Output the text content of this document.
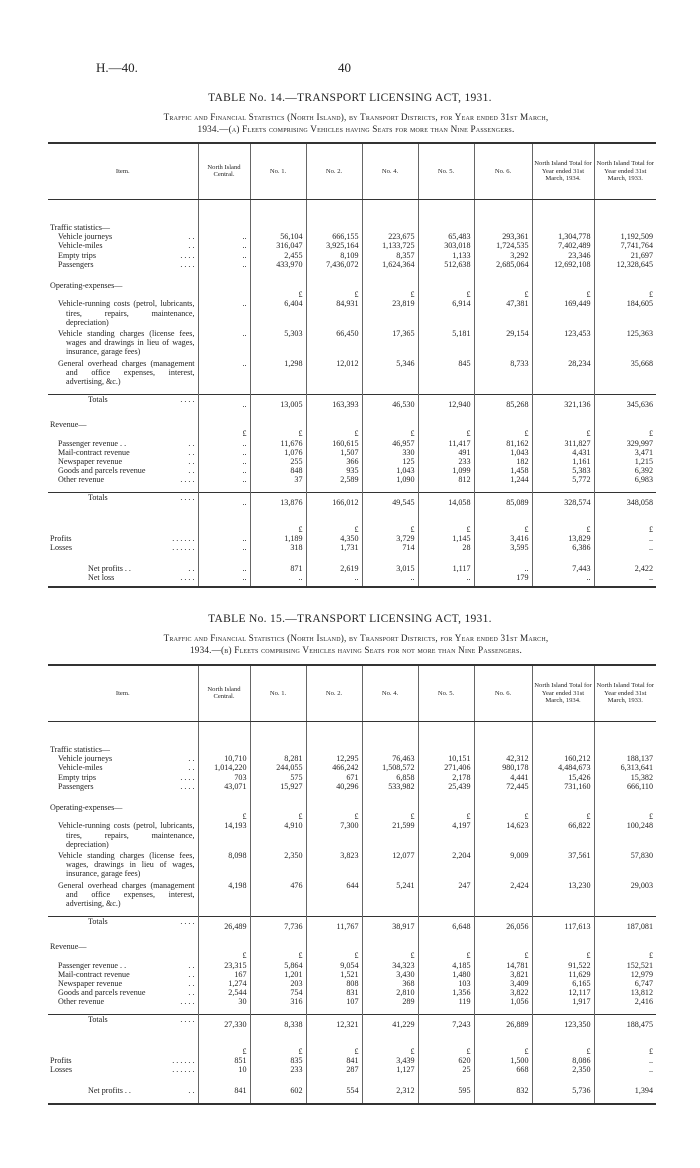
H.—40.	40
TABLE No. 14.—TRANSPORT LICENSING ACT, 1931.
Traffic and Financial Statistics (North Island), by Transport Districts, for Year ended 31st March,
1934.—(a) Fleets comprising Vehicles having Seats for more than Nine Passengers.
Item.	North Island Central.	No. 1.	No. 2.	No. 4.	No. 5.	No. 6.	North Island Total for Year ended 31st March, 1934.	North Island Total for Year ended 31st March, 1933.

Traffic statistics—								

Vehicle journeys . .	..	56,104	666,155	223,675	65,483	293,361	1,304,778	1,192,509

Vehicle-miles . .	..	316,047	3,925,164	1,133,725	303,018	1,724,535	7,402,489	7,741,764

Empty trips . . . .	..	2,455	8,109	8,357	1,133	3,292	23,346	21,697

Passengers . . . .	..	433,970	7,436,072	1,624,364	512,638	2,685,064	12,692,108	12,328,645

Operating-expenses—								
		£	£	£	£	£	£	£

Vehicle-running costs (petrol, lubricants, tires, repairs, maintenance, depreciation)	..	6,404	84,931	23,819	6,914	47,381	169,449	184,605

Vehicle standing charges (license fees, wages and drawings in lieu of wages, insurance, garage fees)	..	5,303	66,450	17,365	5,181	29,154	123,453	125,363

General overhead charges (management and office expenses, interest, advertising, &c.)	..	1,298	12,012	5,346	845	8,733	28,234	35,668

Totals . . . .	..	13,005	163,393	46,530	12,940	85,268	321,136	345,636

Revenue—								
	£	£	£	£	£	£	£	£

Passenger revenue . . . .	..	11,676	160,615	46,957	11,417	81,162	311,827	329,997

Mail-contract revenue . .	..	1,076	1,507	330	491	1,043	4,431	3,471

Newspaper revenue . .	..	255	366	125	233	182	1,161	1,215

Goods and parcels revenue . .	..	848	935	1,043	1,099	1,458	5,383	6,392

Other revenue . . . .	..	37	2,589	1,090	812	1,244	5,772	6,983

Totals . . . .	..	13,876	166,012	49,545	14,058	85,089	328,574	348,058

		£	£	£	£	£	£	£
Profits . . . . . .	..	1,189	4,350	3,729	1,145	3,416	13,829	..
Losses . . . . . .	..	318	1,731	714	28	3,595	6,386	..

Net profits . . . .	..	871	2,619	3,015	1,117	..	7,443	2,422

Net loss . . . .	..	..	..	..	..	179	..	..
TABLE No. 15.—TRANSPORT LICENSING ACT, 1931.
Traffic and Financial Statistics (North Island), by Transport Districts, for Year ended 31st March,
1934.—(b) Fleets comprising Vehicles having Seats for not more than Nine Passengers.
Item.	North Island Central.	No. 1.	No. 2.	No. 4.	No. 5.	No. 6.	North Island Total for Year ended 31st March, 1934.	North Island Total for Year ended 31st March, 1933.

Traffic statistics—								

Vehicle journeys . .	10,710	8,281	12,295	76,463	10,151	42,312	160,212	188,137

Vehicle-miles . .	1,014,220	244,055	466,242	1,508,572	271,406	980,178	4,484,673	6,313,641

Empty trips . . . .	703	575	671	6,858	2,178	4,441	15,426	15,382

Passengers . . . .	43,071	15,927	40,296	533,982	25,439	72,445	731,160	666,110

Operating-expenses—								
	£	£	£	£	£	£	£	£

Vehicle-running costs (petrol, lubricants, tires, repairs, maintenance, depreciation)	14,193	4,910	7,300	21,599	4,197	14,623	66,822	100,248

Vehicle standing charges (license fees, wages, drawings in lieu of wages, insurance, garage fees)	8,098	2,350	3,823	12,077	2,204	9,009	37,561	57,830

General overhead charges (management and office expenses, interest, advertising, &c.)	4,198	476	644	5,241	247	2,424	13,230	29,003

Totals . . . .	26,489	7,736	11,767	38,917	6,648	26,056	117,613	187,081

Revenue—								
	£	£	£	£	£	£	£	£

Passenger revenue . . . .	23,315	5,864	9,054	34,323	4,185	14,781	91,522	152,521

Mail-contract revenue . .	167	1,201	1,521	3,430	1,480	3,821	11,629	12,979

Newspaper revenue . .	1,274	203	808	368	103	3,409	6,165	6,747

Goods and parcels revenue . .	2,544	754	831	2,810	1,356	3,822	12,117	13,812

Other revenue . . . .	30	316	107	289	119	1,056	1,917	2,416

Totals . . . .	27,330	8,338	12,321	41,229	7,243	26,889	123,350	188,475

	£	£	£	£	£	£	£	£
Profits . . . . . .	851	835	841	3,439	620	1,500	8,086	..
Losses . . . . . .	10	233	287	1,127	25	668	2,350	..

Net profits . . . .	841	602	554	2,312	595	832	5,736	1,394
